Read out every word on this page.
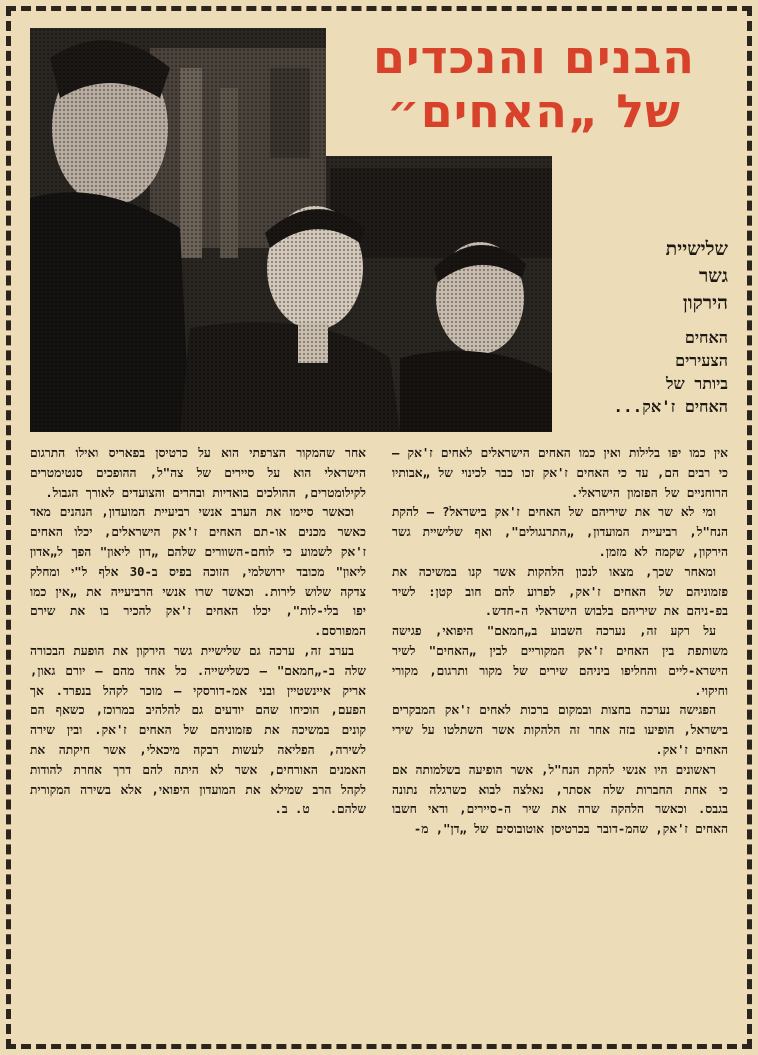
הבנים והנכדים
של „האחים״
שלישיית
גשר
הירקון
האחים
הצעירים
ביותר של
האחים ז'אק...

אין כמו יפו בלילות ואין כמו האחים הישראלים לאחים ז'אק — כי רבים הם, עד כי האחים ז'אק זכו כבר לכינוי של „אבותיו הרוחניים של הפזמון הישראלי.

ומי לא שר את שיריהם של האחים ז'אק בישראל? — להקת הנח"ל, רביעיית המועדון, „התרנגולים", ואף שלישיית גשר הירקון, שקמה לא מזמן.

ומאחר שכך, מצאו לנכון הלהקות אשר קנו במשיכה את פזמוניהם של האחים ז'אק, לפרוע להם חוב קטן: לשיר בפ-ניהם את שיריהם בלבוש הישראלי ה-חדש.

על רקע זה, נערכה השבוע ב„חמאם" היפואי, פגישה משותפת בין האחים ז'אק המקוריים לבין „האחים" לשיר הישרא-ליים והחליפו ביניהם שירים של מקור ותרגום, מקורי וחיקוי.

הפגישה נערכה בחצות ובמקום ברכות לאחים ז'אק המבקרים בישראל, הופיעו בזה אחר זה הלהקות אשר השתלטו על שירי האחים ז'אק.

ראשונים היו אנשי להקת הנח"ל, אשר הופיעה בשלמותה אם כי אחת החברות שלה אסתר, נאלצה לבוא כשרגלה נתונה בגבס. וכאשר הלהקה שרה את שיר ה-סיירים, ודאי חשבו האחים ז'אק, שהמ-דובר בכרטיסן אוטובוסים של „דן", מ-

אחר שהמקור הצרפתי הוא על כרטיסן בפאריס ואילו התרגום הישראלי הוא על סיירים של צה"ל, ההופכים סנטימטרים לקילומטרים, ההולכים בואדיות ובהרים והצועדים לאורך הגבול.

וכאשר סיימו את הערב אנשי רביעיית המועדון, הנהנים מאד כאשר מכנים או-תם האחים ז'אק הישראלים, יכלו האחים ז'אק לשמוע כי לוחם-השוורים שלהם „דון ליאון" הפך ל„אדון ליאון" מכובד ירושלמי, הזוכה בפיס ב-30 אלף ל"י ומחלק צדקה שלוש לירות. וכאשר שרו אנשי הרביעייה את „אין כמו יפו בלי-לות", יכלו האחים ז'אק להכיר בו את שירם המפורסם.

בערב זה, ערכה גם שלישיית גשר הירקון את הופעת הבכורה שלה ב-„חמאם" — כשלישייה. כל אחד מהם — יורם גאון, אריק איינשטיין ובני אמ-דורסקי — מוכר לקהל בנפרד. אך הפעם, הוכיחו שהם יודעים גם להלהיב במרוכז, כשאף הם קונים במשיכה את פזמוניהם של האחים ז'אק. ובין שירה לשירה, הפליאה לעשות רבקה מיכאלי, אשר חיקתה את האמנים האורחים, אשר לא היתה להם דרך אחרת להודות לקהל הרב שמילא את המועדון היפואי, אלא בשירה המקורית שלהם.ט. ב.
